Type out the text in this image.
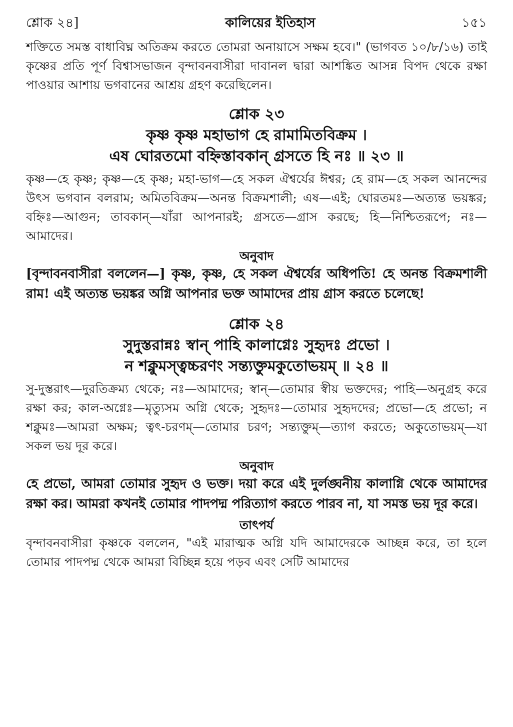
শ্লোক ২৪]	কালিয়ের ইতিহাস	১৫১

শক্তিতে সমস্ত বাধাবিঘ্ন অতিক্রম করতে তোমরা অনায়াসে সক্ষম হবে।" (ভাগবত ১০/৮/১৬) তাই কৃষ্ণের প্রতি পূর্ণ বিশ্বাসভাজন বৃন্দাবনবাসীরা দাবানল দ্বারা আশঙ্কিত আসন্ন বিপদ থেকে রক্ষা পাওয়ার আশায় ভগবানের আশ্রয় গ্রহণ করেছিলেন।

শ্লোক ২৩
কৃষ্ণ কৃষ্ণ মহাভাগ হে রামামিতবিক্রম ।
এষ ঘোরতমো বহ্নিস্তাবকান্ গ্রসতে হি নঃ ॥ ২৩ ॥

কৃষ্ণ—হে কৃষ্ণ; কৃষ্ণ—হে কৃষ্ণ; মহা-ভাগ—হে সকল ঐশ্বর্যের ঈশ্বর; হে রাম—হে সকল আনন্দের উৎস ভগবান বলরাম; অমিতবিক্রম—অনন্ত বিক্রমশালী; এষ—এই; ঘোরতমঃ—অত্যন্ত ভয়ঙ্কর; বহ্নিঃ—আগুন; তাবকান্—যাঁরা আপনারই; গ্রসতে—গ্রাস করছে; হি—নিশ্চিতরূপে; নঃ—আমাদের।

অনুবাদ

[বৃন্দাবনবাসীরা বললেন—] কৃষ্ণ, কৃষ্ণ, হে সকল ঐশ্বর্যের অধিপতি! হে অনন্ত বিক্রমশালী রাম! এই অত্যন্ত ভয়ঙ্কর অগ্নি আপনার ভক্ত আমাদের প্রায় গ্রাস করতে চলেছে!

শ্লোক ২৪
সুদুস্তরান্নঃ স্বান্ পাহি কালাগ্নেঃ সুহৃদঃ প্রভো ।
ন শক্নুমস্ত্বচ্চরণং সন্ত্যক্তুমকুতোভয়ম্ ॥ ২৪ ॥

সু-দুস্তরাৎ—দুরতিক্রম্য থেকে; নঃ—আমাদের; স্বান্—তোমার স্বীয় ভক্তদের; পাহি—অনুগ্রহ করে রক্ষা কর; কাল-অগ্নেঃ—মৃত্যুসম অগ্নি থেকে; সুহৃদঃ—তোমার সুহৃদদের; প্রভো—হে প্রভো; ন শক্নুমঃ—আমরা অক্ষম; ত্বৎ-চরণম্—তোমার চরণ; সন্ত্যক্তুম্—ত্যাগ করতে; অকুতোভয়ম্—যা সকল ভয় দূর করে।

অনুবাদ

হে প্রভো, আমরা তোমার সুহৃদ ও ভক্ত। দয়া করে এই দুর্লঙ্ঘনীয় কালাগ্নি থেকে আমাদের রক্ষা কর। আমরা কখনই তোমার পাদপদ্ম পরিত্যাগ করতে পারব না, যা সমস্ত ভয় দূর করে।

তাৎপর্য

বৃন্দাবনবাসীরা কৃষ্ণকে বললেন, "এই মারাত্মক অগ্নি যদি আমাদেরকে আচ্ছন্ন করে, তা হলে তোমার পাদপদ্ম থেকে আমরা বিচ্ছিন্ন হয়ে পড়ব এবং সেটি আমাদের
